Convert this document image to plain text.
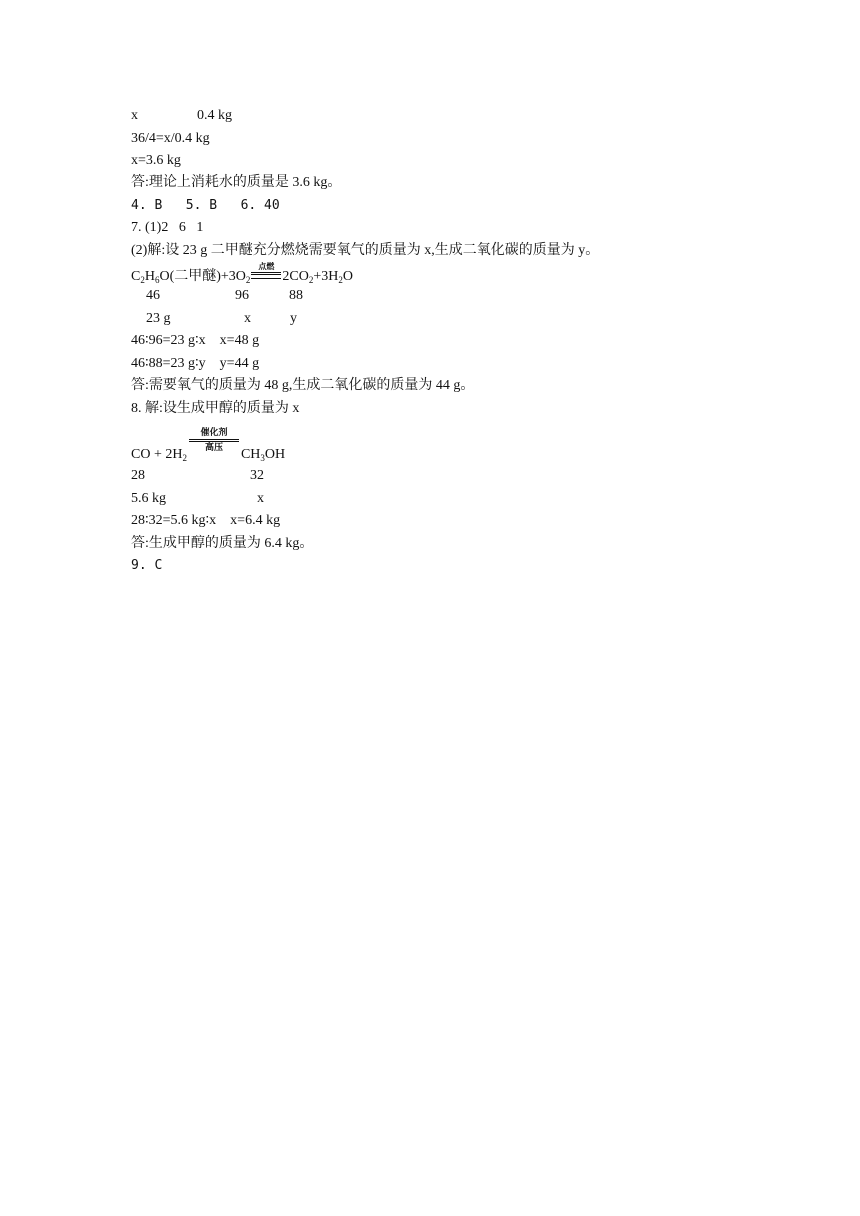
x	0.4 kg
36/4=x/0.4 kg
x=3.6 kg
答:理论上消耗水的质量是 3.6 kg。
4. B   5. B   6. 40
7. (1)2   6   1
(2)解:设 23 g 二甲醚充分燃烧需要氧气的质量为 x,生成二氧化碳的质量为 y。
$C_2H_6O$(二甲醚)$+3O_2$
点燃
$2CO_2+3H_2O$
46	96	88
23 g	x	y
46∶96=23 g∶x    x=48 g
46∶88=23 g∶y    y=44 g
答:需要氧气的质量为 48 g,生成二氧化碳的质量为 44 g。
8. 解:设生成甲醇的质量为 x
CO + $2H_2$
催化剂
高压	$CH_3OH$
28	32
5.6 kg	x
28∶32=5.6 kg∶x    x=6.4 kg
答:生成甲醇的质量为 6.4 kg。
9. C
